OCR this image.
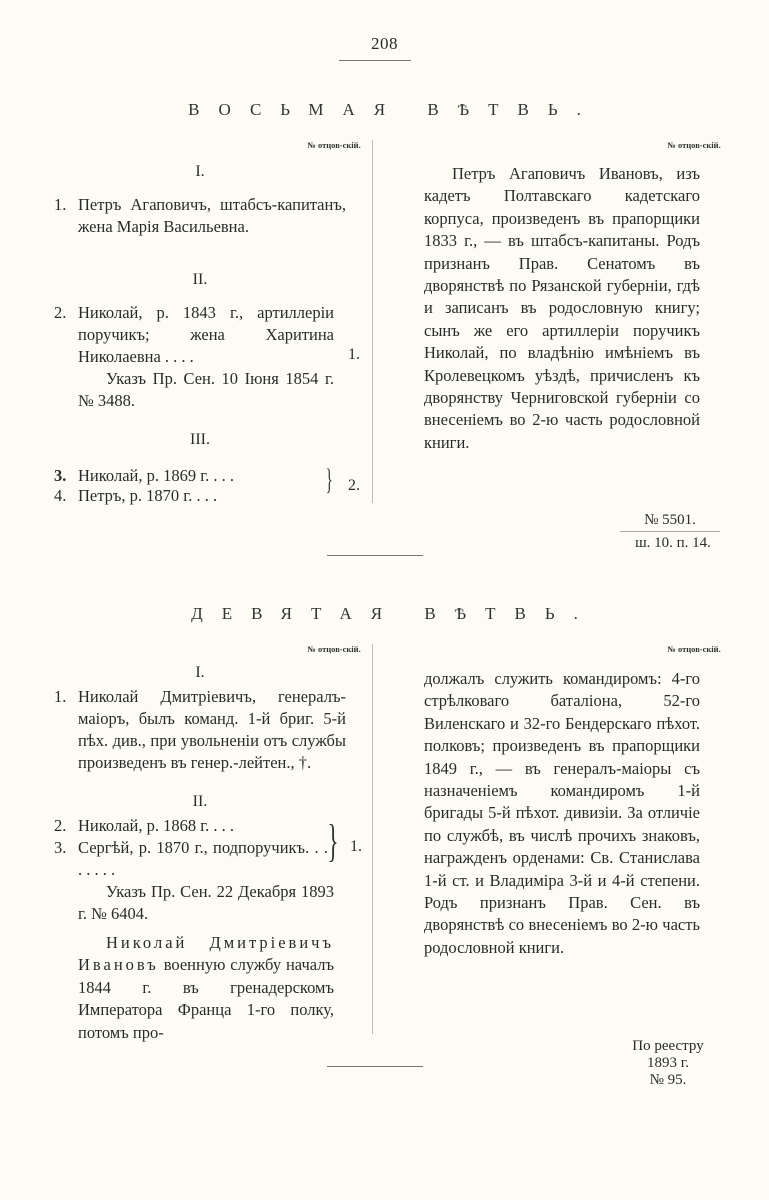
208
ВОСЬМАЯ ВѢТВЬ.
№ отцов-скій.	№ отцов-скій.
I.
1. Петръ Агаповичъ, штабсъ-капитанъ, жена Марія Васильевна.
II.
2. Николай, р. 1843 г., артиллеріи поручикъ; жена Харитина Николаевна . . . .	1.
Указъ Пр. Сен. 10 Іюня 1854 г. № 3488.
III.
3. Николай, р. 1869 г. . . .
4. Петръ, р. 1870 г. . . .	} 2.

Петръ Агаповичъ Ивановъ, изъ кадетъ Полтавскаго кадетскаго корпуса, произведенъ въ прапорщики 1833 г., — въ штабсъ-капитаны. Родъ признанъ Прав. Сенатомъ въ дворянствѣ по Рязанской губерніи, гдѣ и записанъ въ родословную книгу; сынъ же его артиллеріи поручикъ Николай, по владѣнію имѣніемъ въ Кролевецкомъ уѣздѣ, причисленъ къ дворянству Черниговской губерніи со внесеніемъ во 2-ю часть родословной книги.

№ 5501.
ш. 10. п. 14.
ДЕВЯТАЯ ВѢТВЬ.
№ отцов-скій.	№ отцов-скій.
I.
1. Николай Дмитріевичъ, генералъ-маіоръ, былъ команд. 1-й бриг. 5-й пѣх. див., при увольненіи отъ службы произведенъ въ генер.-лейтен., †.
II.
2. Николай, р. 1868 г. . . .
3. Сергѣй, р. 1870 г., подпоручикъ. . . . . . . .
} 1.
Указъ Пр. Сен. 22 Декабря 1893 г. № 6404.

Николай Дмитріевичъ Ивановъ военную службу началъ 1844 г. въ гренадерскомъ Императора Франца 1-го полку, потомъ про-

должалъ служить командиромъ: 4-го стрѣлковаго баталіона, 52-го Виленскаго и 32-го Бендерскаго пѣхот. полковъ; произведенъ въ прапорщики 1849 г., — въ генералъ-маіоры съ назначеніемъ командиромъ 1-й бригады 5-й пѣхот. дивизіи. За отличіе по службѣ, въ числѣ прочихъ знаковъ, награжденъ орденами: Св. Станислава 1-й ст. и Владиміра 3-й и 4-й степени. Родъ признанъ Прав. Сен. въ дворянствѣ со внесеніемъ во 2-ю часть родословной книги.

По реестру
1893 г.
№ 95.
